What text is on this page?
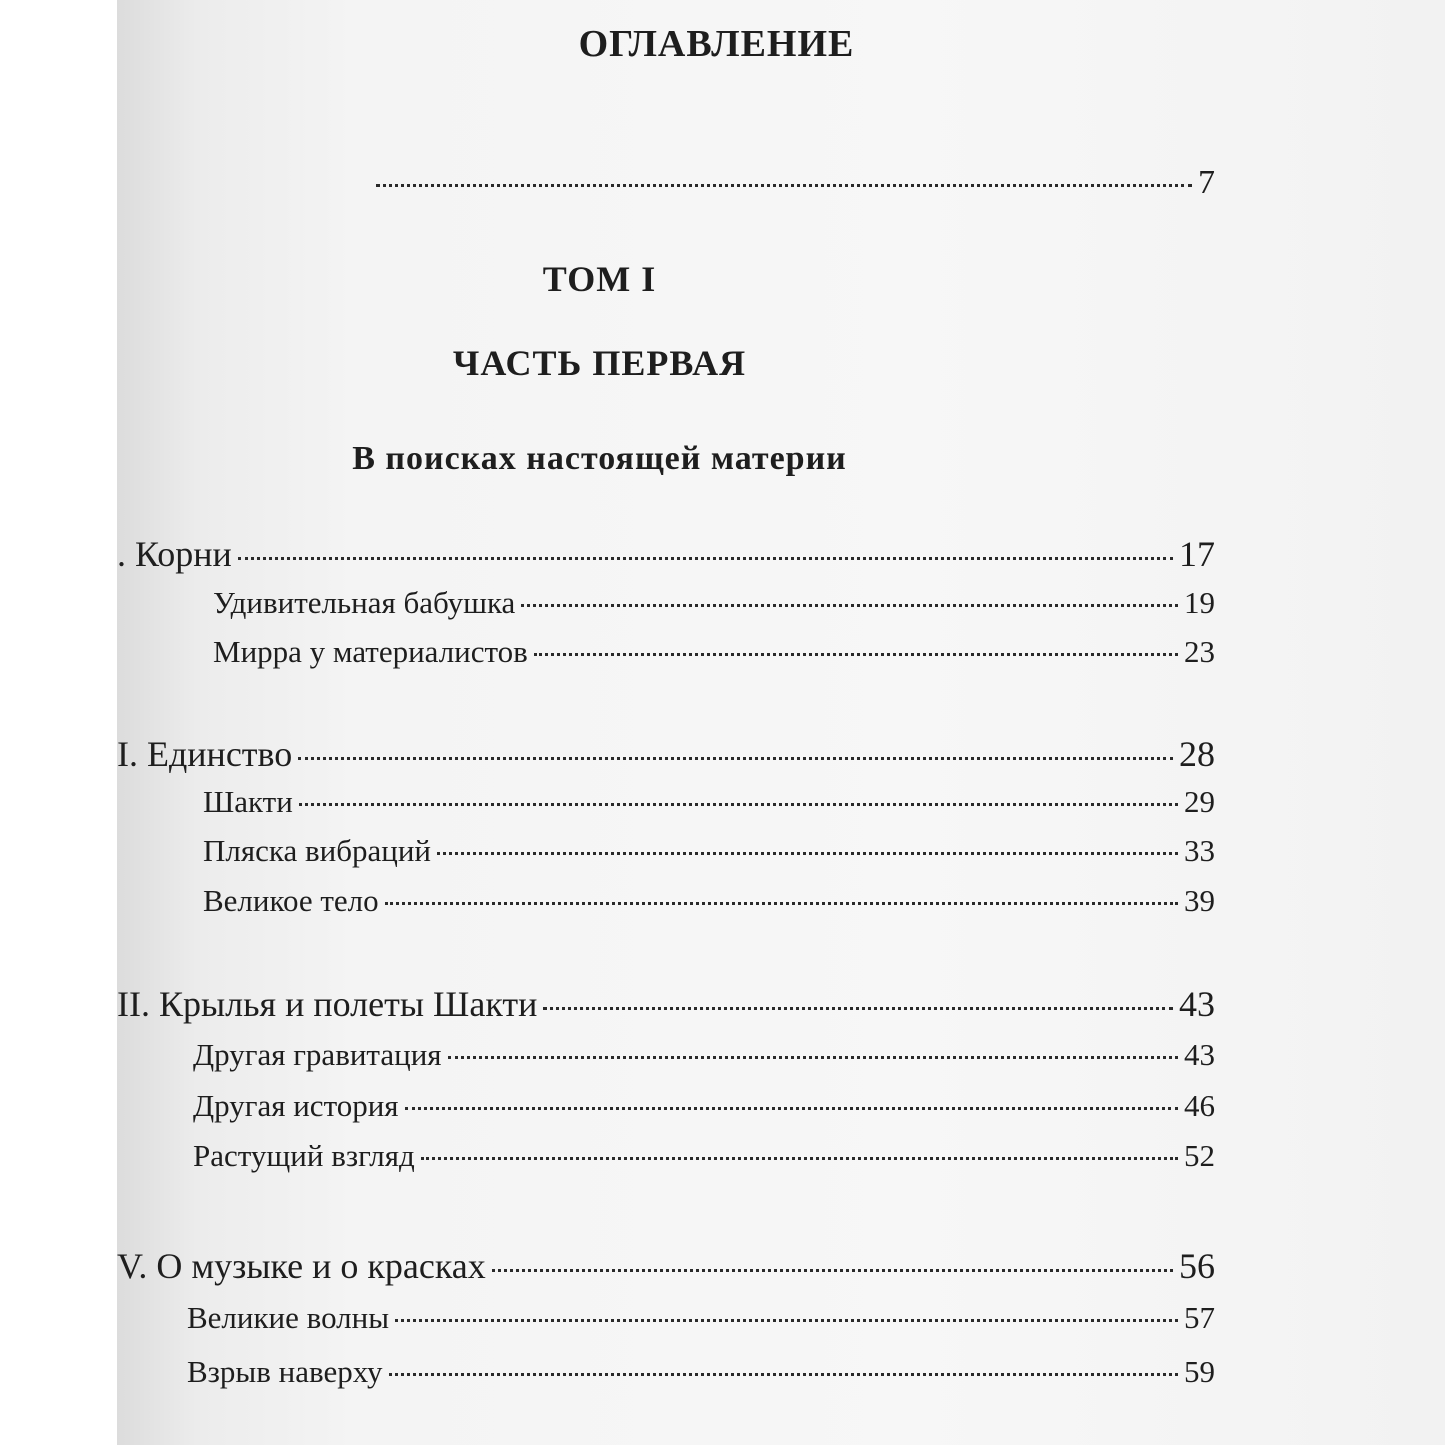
ОГЛАВЛЕНИЕ
7
ТОМ I
ЧАСТЬ ПЕРВАЯ
В поисках настоящей материи
. Корни	17
Удивительная бабушка	19
Мирра у материалистов	23
I. Единство	28
Шакти	29
Пляска вибраций	33
Великое тело	39
II. Крылья и полеты Шакти	43
Другая гравитация	43
Другая история	46
Растущий взгляд	52
V. О музыке и о красках	56
Великие волны	57
Взрыв наверху	59
